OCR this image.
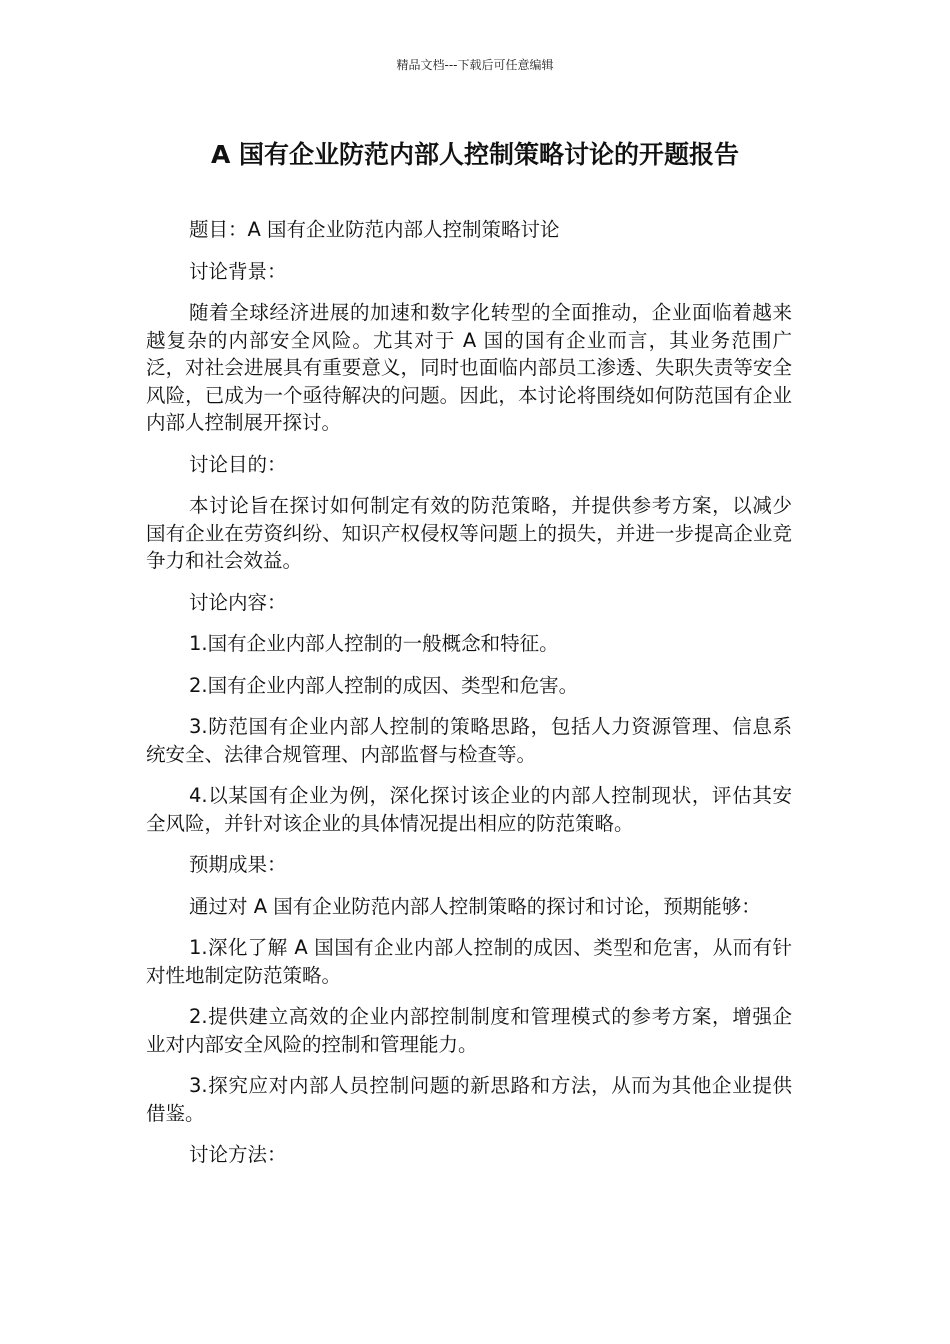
精品文档---下载后可任意编辑
A 国有企业防范内部人控制策略讨论的开题报告

题目：A 国有企业防范内部人控制策略讨论

讨论背景：

随着全球经济进展的加速和数字化转型的全面推动，企业面临着越来越复杂的内部安全风险。尤其对于 A 国的国有企业而言，其业务范围广泛，对社会进展具有重要意义，同时也面临内部员工渗透、失职失责等安全风险，已成为一个亟待解决的问题。因此，本讨论将围绕如何防范国有企业内部人控制展开探讨。

讨论目的：

本讨论旨在探讨如何制定有效的防范策略，并提供参考方案，以减少国有企业在劳资纠纷、知识产权侵权等问题上的损失，并进一步提高企业竞争力和社会效益。

讨论内容：

1.国有企业内部人控制的一般概念和特征。

2.国有企业内部人控制的成因、类型和危害。

3.防范国有企业内部人控制的策略思路，包括人力资源管理、信息系统安全、法律合规管理、内部监督与检查等。

4.以某国有企业为例，深化探讨该企业的内部人控制现状，评估其安全风险，并针对该企业的具体情况提出相应的防范策略。

预期成果：

通过对 A 国有企业防范内部人控制策略的探讨和讨论，预期能够：

1.深化了解 A 国国有企业内部人控制的成因、类型和危害，从而有针对性地制定防范策略。

2.提供建立高效的企业内部控制制度和管理模式的参考方案，增强企业对内部安全风险的控制和管理能力。

3.探究应对内部人员控制问题的新思路和方法，从而为其他企业提供借鉴。

讨论方法：
